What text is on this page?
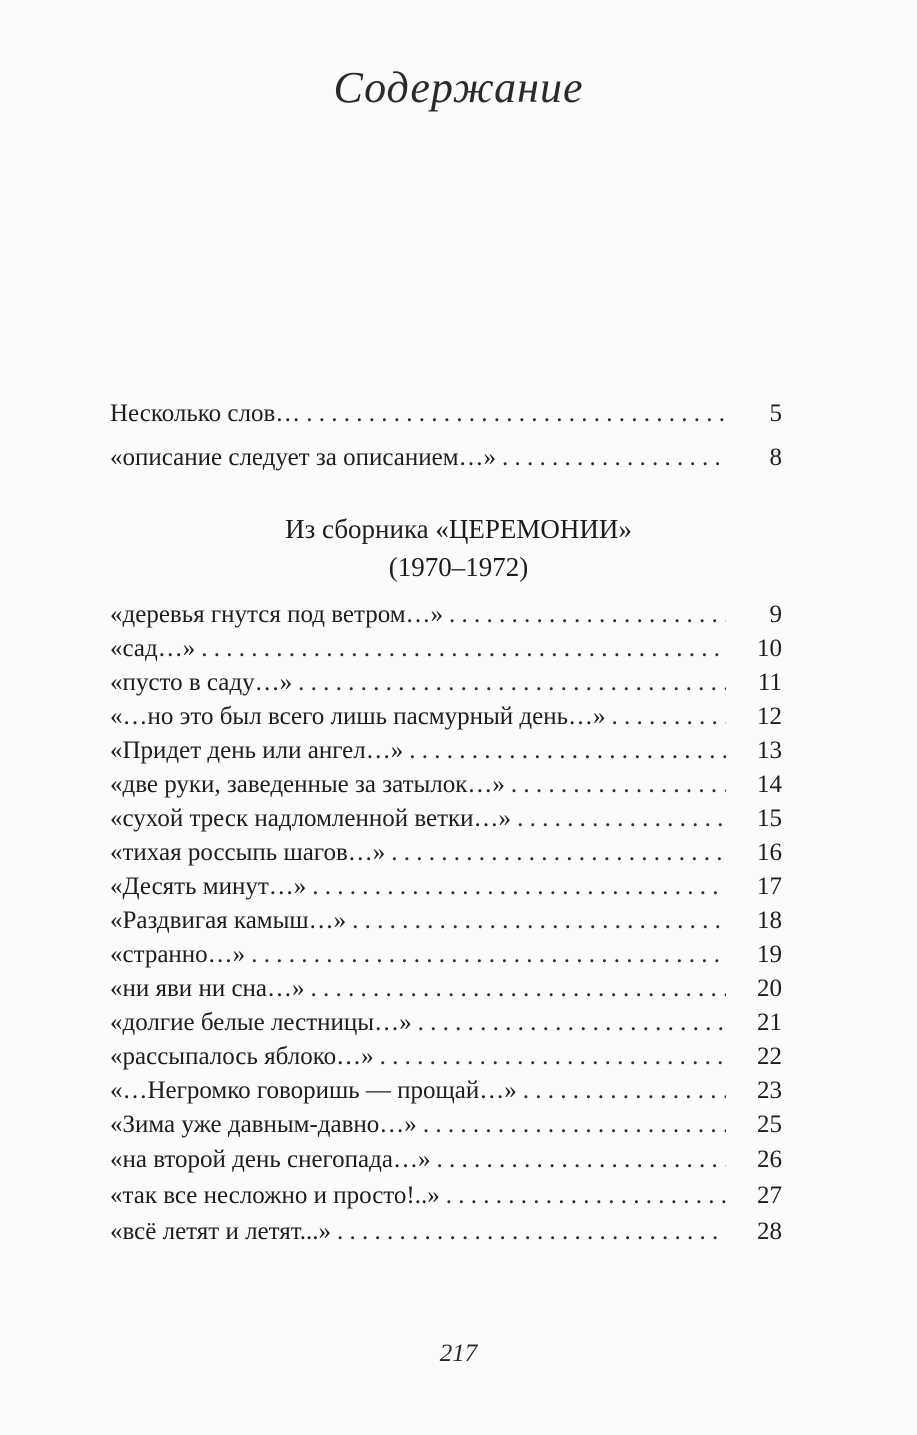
Содержание
Несколько слов… . . .	5
«описание следует за описанием…» . . .	8
Из сборника «ЦЕРЕМОНИИ»
(1970–1972)
«деревья гнутся под ветром…» . . .	9
«сад…» . . .	10
«пусто в саду…» . . .	11
«…но это был всего лишь пасмурный день…» . . .	12
«Придет день или ангел…» . . .	13
«две руки, заведенные за затылок…» . . .	14
«сухой треск надломленной ветки…» . . .	15
«тихая россыпь шагов…» . . .	16
«Десять минут…» . . .	17
«Раздвигая камыш…» . . .	18
«странно…» . . .	19
«ни яви ни сна…» . . .	20
«долгие белые лестницы…» . . .	21
«рассыпалось яблоко…» . . .	22
«…Негромко говоришь — прощай…» . . .	23
«Зима уже давным-давно…» . . .	25
«на второй день снегопада…» . . .	26
«так все несложно и просто!..» . . .	27
«всё летят и летят...» . . .	28
217
